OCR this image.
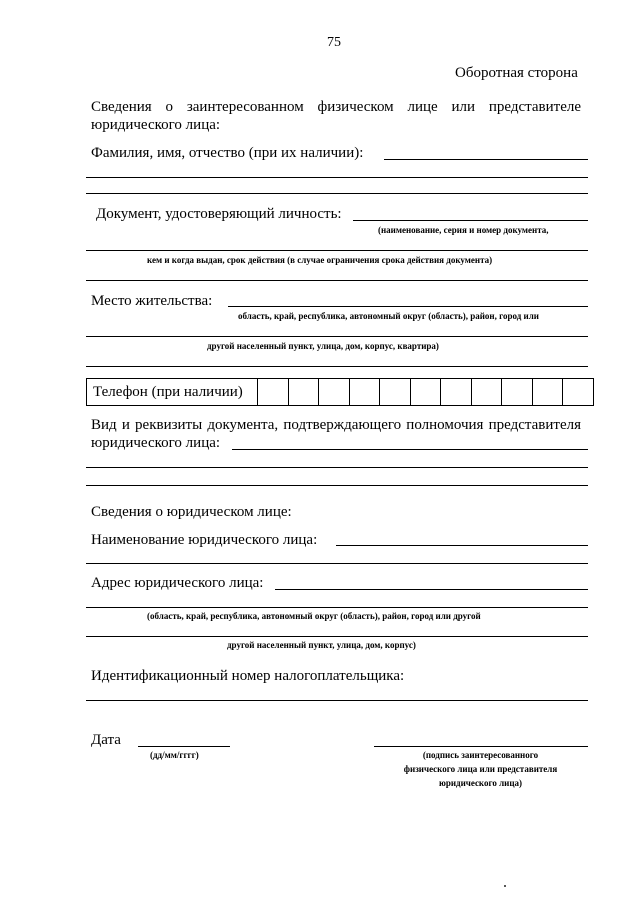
75
Оборотная сторона
Сведения о заинтересованном физическом лице или представителе
юридического лица:
Фамилия, имя, отчество (при их наличии):
Документ, удостоверяющий личность:
(наименование, серия и номер документа,
кем и когда выдан, срок действия (в случае ограничения срока действия документа)
Место жительства:
область, край, республика, автономный округ (область), район, город или
другой населенный пункт, улица, дом, корпус, квартира)
Телефон (при наличии)											
Вид и реквизиты документа, подтверждающего полномочия представителя
юридического лица:
Сведения о юридическом лице:
Наименование юридического лица:
Адрес юридического лица:
(область, край, республика, автономный округ (область), район, город или другой
другой населенный пункт, улица, дом, корпус)
Идентификационный номер налогоплательщика:
Дата
(дд/мм/гггг)	(подпись заинтересованного
физического лица или представителя
юридического лица)
